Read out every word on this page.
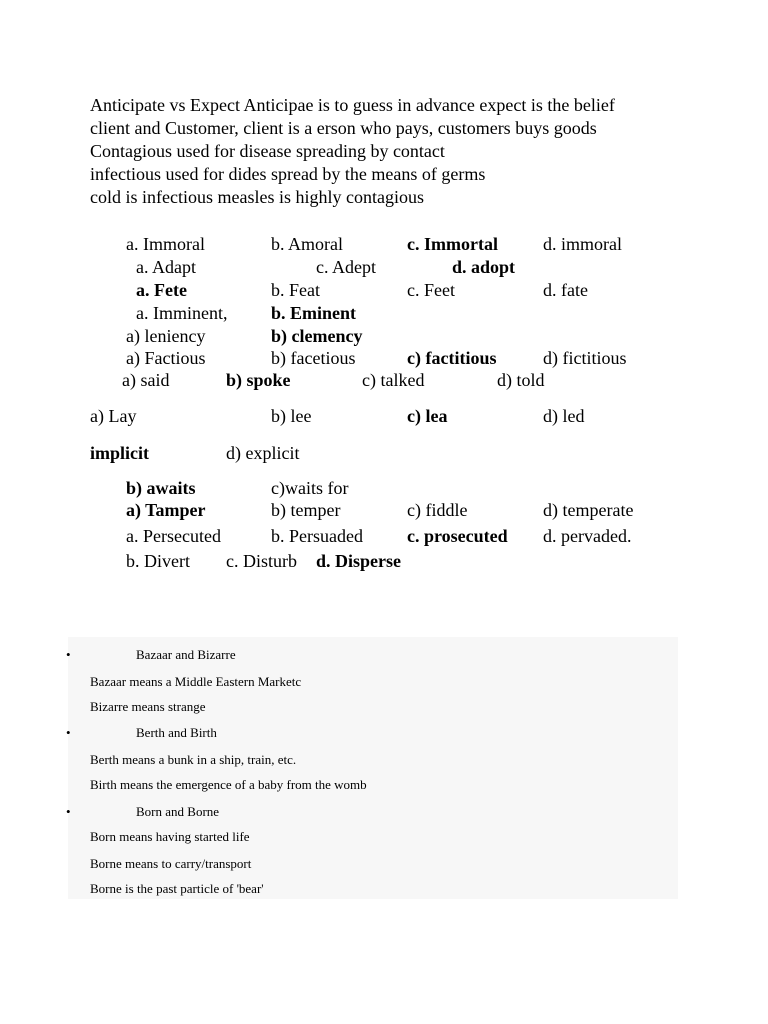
Anticipate vs Expect Anticipae is to guess in advance expect is the belief
client and Customer, client is a erson who pays, customers buys goods
Contagious used for disease spreading by contact
infectious used for dides spread by the means of germs
cold is infectious measles is highly contagious
a. Immoral	b. Amoral	c. Immortal	d. immoral
a. Adapt	c. Adept	d. adopt
a. Fete	b. Feat	c. Feet	d. fate
a. Imminent, b. Eminent
a) leniency	b) clemency
a) Factious	b) facetious	c) factitious	d) fictitious
a) said	b) spoke	c) talked	d) told
a) Lay	b) lee	c) lea	d) led
implicit	d) explicit
b) awaits	c)waits for
a) Tamper	b) temper	c) fiddle	d) temperate
a. Persecuted	b. Persuaded c. prosecuted d. pervaded.
b. Divert c. Disturb d. Disperse
•	Bazaar and Bizarre
Bazaar means a Middle Eastern Marketc
Bizarre means strange
•	Berth and Birth
Berth means a bunk in a ship, train, etc.
Birth means the emergence of a baby from the womb
•	Born and Borne
Born means having started life
Borne means to carry/transport
Borne is the past particle of 'bear'
